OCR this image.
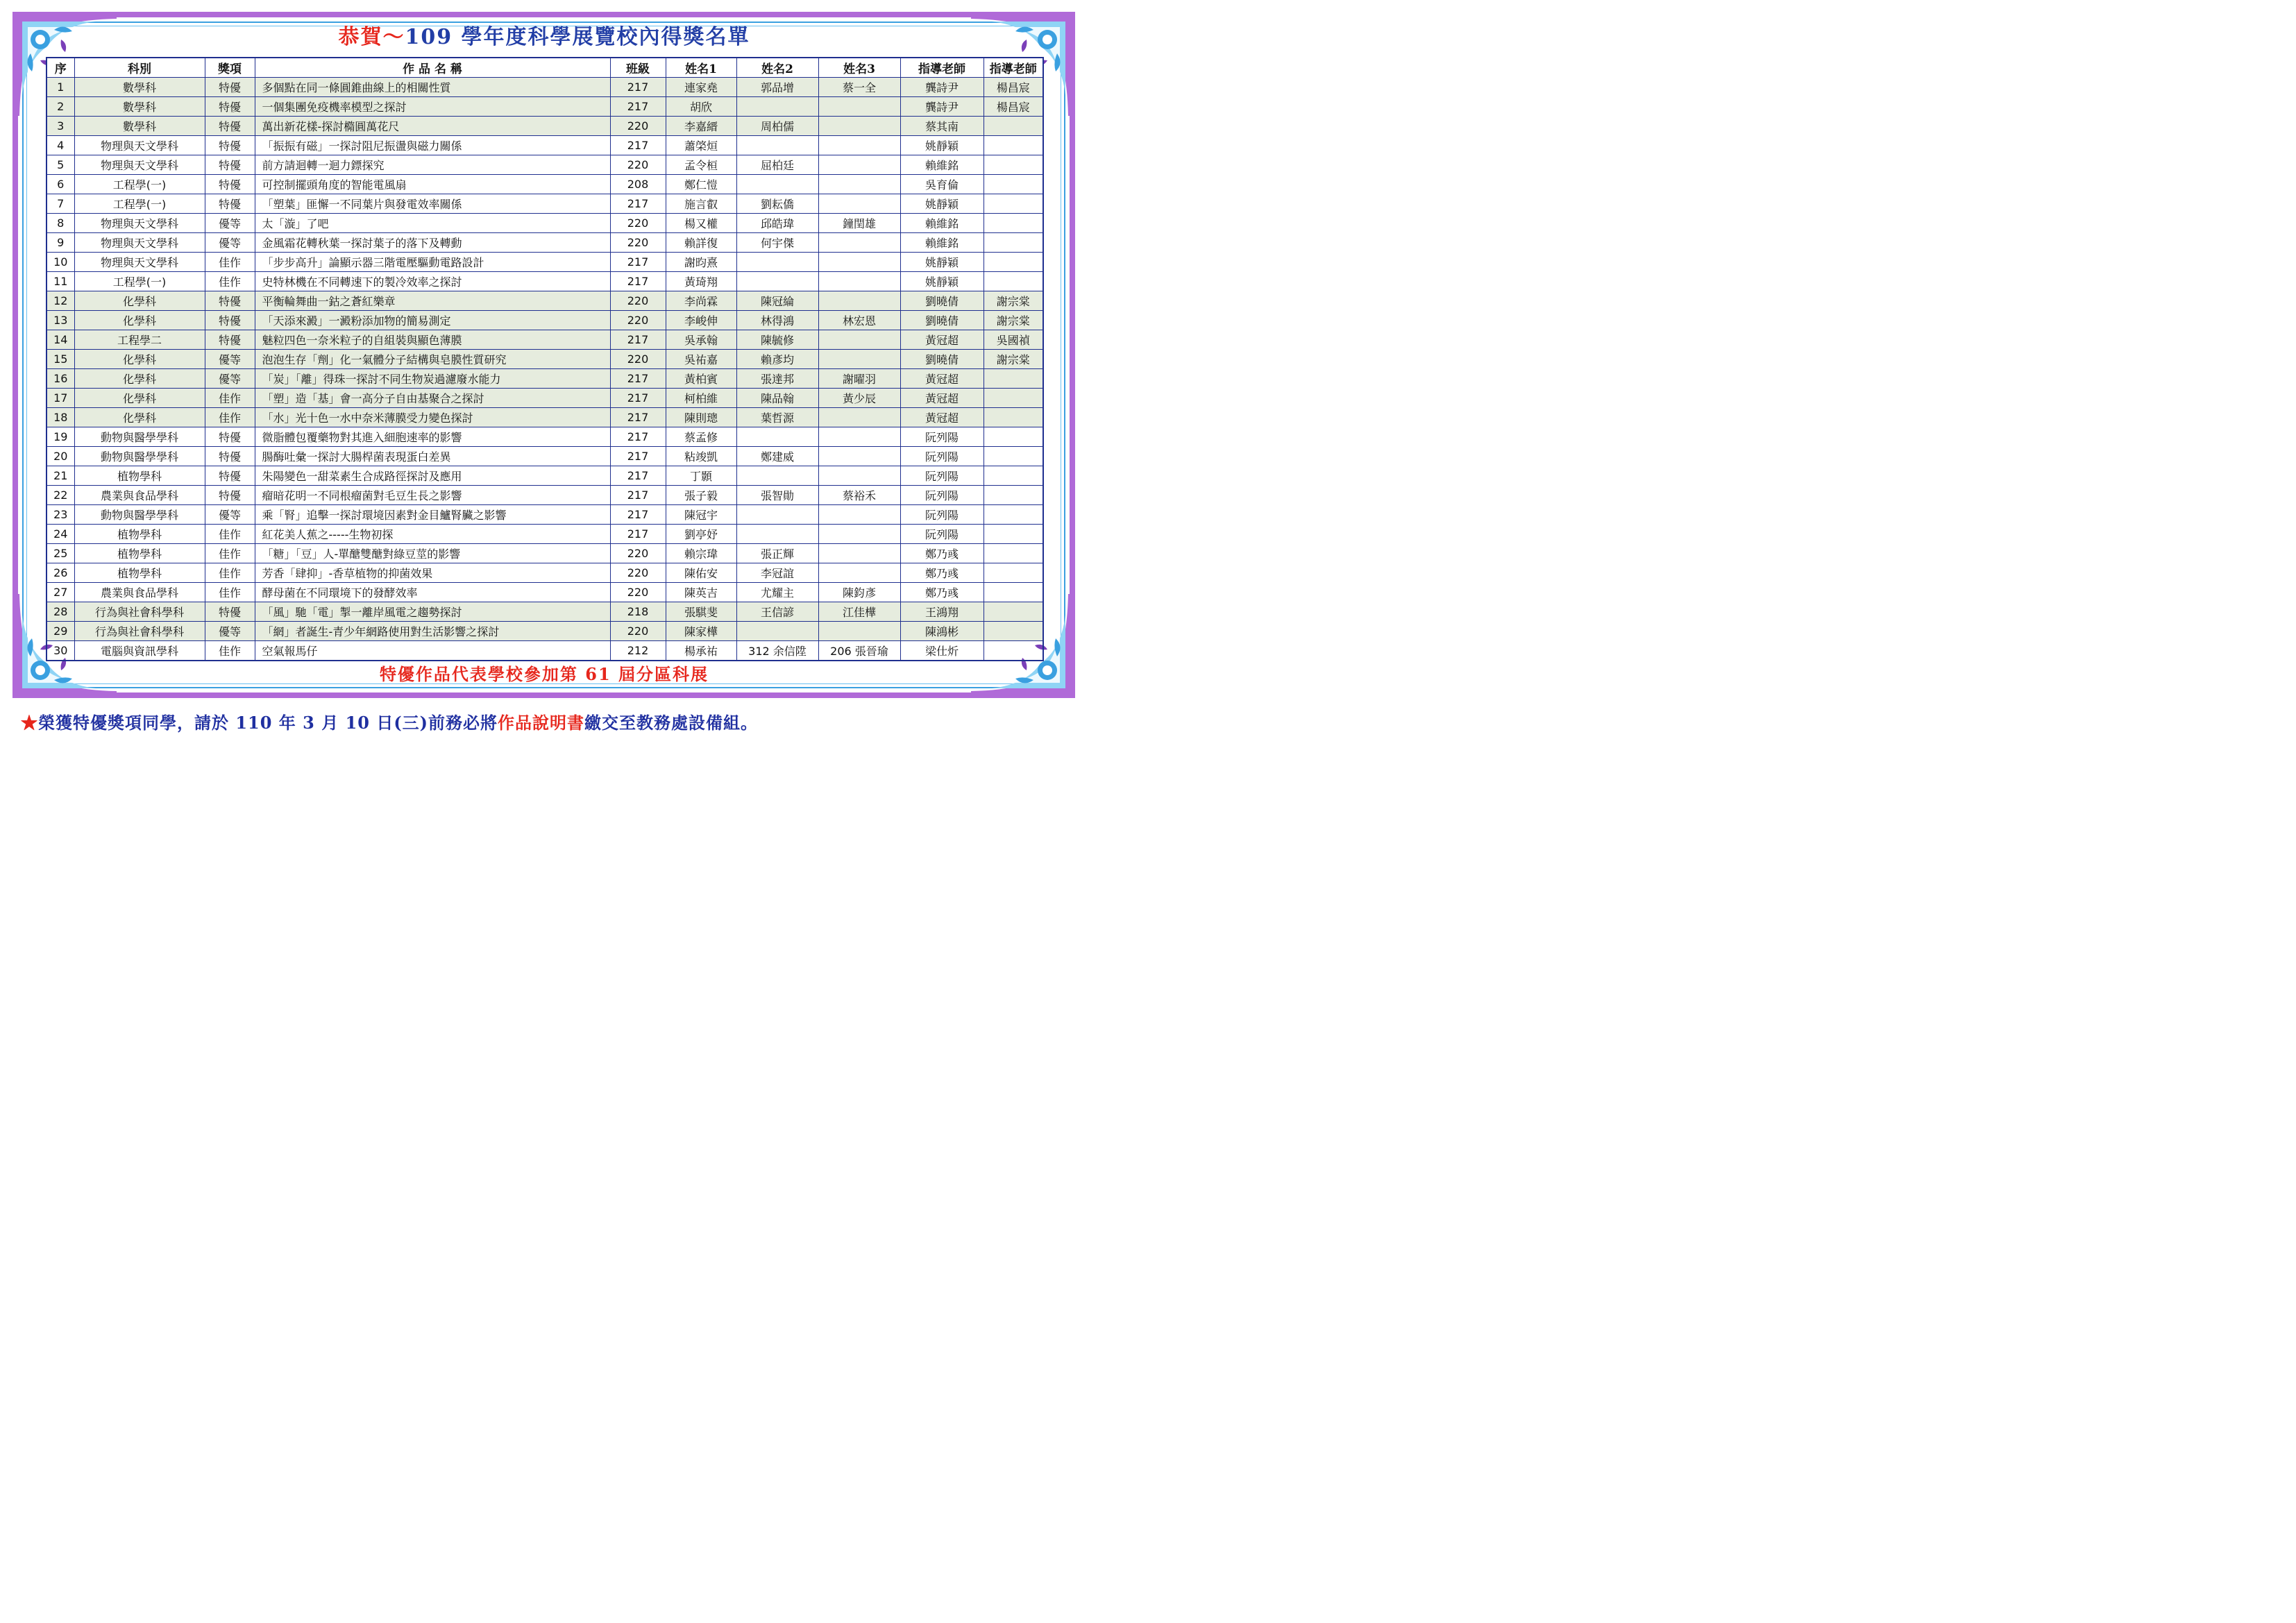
恭賀～109 學年度科學展覽校內得獎名單
序	科別	獎項	作 品 名 稱	班級	姓名1	姓名2	姓名3	指導老師	指導老師
1	數學科	特優	多個點在同一條圓錐曲線上的相關性質	217	連家堯	郭品增	蔡一全	龔詩尹	楊昌宸
2	數學科	特優	一個集團免疫機率模型之探討	217	胡欣			龔詩尹	楊昌宸
3	數學科	特優	萬出新花樣-探討橢圓萬花尺	220	李嘉縉	周柏儒		蔡其南	
4	物理與天文學科	特優	「振振有磁」一探討阻尼振盪與磁力關係	217	蕭棨烜			姚靜穎	
5	物理與天文學科	特優	前方請迴轉一迴力鏢探究	220	孟令桓	屈柏廷		賴維銘	
6	工程學(一)	特優	可控制擺頭角度的智能電風扇	208	鄭仁愷			吳育倫	
7	工程學(一)	特優	「塑葉」匪懈一不同葉片與發電效率關係	217	施言叡	劉耘僑		姚靜穎	
8	物理與天文學科	優等	太「漩」了吧	220	楊又權	邱皓瑋	鐘閏雄	賴維銘	
9	物理與天文學科	優等	金風霜花轉秋葉一探討葉子的落下及轉動	220	賴詳復	何宇傑		賴維銘	
10	物理與天文學科	佳作	「步步高升」論顯示器三階電壓驅動電路設計	217	謝昀熹			姚靜穎	
11	工程學(一)	佳作	史特林機在不同轉速下的製冷效率之探討	217	黃琦翔			姚靜穎	
12	化學科	特優	平衡輪舞曲一鈷之蒼紅樂章	220	李尚霖	陳冠綸		劉曉倩	謝宗棠
13	化學科	特優	「天添來澱」一澱粉添加物的簡易測定	220	李峻伸	林得鴻	林宏恩	劉曉倩	謝宗棠
14	工程學二	特優	魅粒四色一奈米粒子的自組裝與顯色薄膜	217	吳承翰	陳毓修		黃冠超	吳國禎
15	化學科	優等	泡泡生存「劑」化一氣體分子結構與皂膜性質研究	220	吳祐嘉	賴彥均		劉曉倩	謝宗棠
16	化學科	優等	「炭」「離」得珠一探討不同生物炭過濾廢水能力	217	黃柏賓	張達邦	謝曜羽	黃冠超	
17	化學科	佳作	「塑」造「基」會一高分子自由基聚合之探討	217	柯柏維	陳品翰	黃少辰	黃冠超	
18	化學科	佳作	「水」光十色一水中奈米薄膜受力變色探討	217	陳則璁	葉哲源		黃冠超	
19	動物與醫學學科	特優	微脂體包覆藥物對其進入細胞速率的影響	217	蔡孟修			阮列陽	
20	動物與醫學學科	特優	腸酶吐彙一探討大腸桿菌表現蛋白差異	217	粘竣凱	鄭建威		阮列陽	
21	植物學科	特優	朱陽變色一甜菜素生合成路徑探討及應用	217	丁顥			阮列陽	
22	農業與食品學科	特優	瘤暗花明一不同根瘤菌對毛豆生長之影響	217	張子毅	張智勛	蔡裕禾	阮列陽	
23	動物與醫學學科	優等	乘「腎」追擊一探討環境因素對金目鱸腎臟之影響	217	陳冠宇			阮列陽	
24	植物學科	佳作	紅花美人蕉之-----生物初探	217	劉亭妤			阮列陽	
25	植物學科	佳作	「糖」「豆」人-單醣雙醣對綠豆莖的影響	220	賴宗瑋	張正輝		鄭乃彧	
26	植物學科	佳作	芳香「肆抑」-香草植物的抑菌效果	220	陳佑安	李冠誼		鄭乃彧	
27	農業與食品學科	佳作	酵母菌在不同環境下的發酵效率	220	陳英吉	尤耀主	陳鈞彥	鄭乃彧	
28	行為與社會科學科	特優	「風」馳「電」掣一離岸風電之趨勢探討	218	張騏斐	王信諺	江佳樺	王鴻翔	
29	行為與社會科學科	優等	「網」者誕生-青少年網路使用對生活影響之探討	220	陳家樺			陳鴻彬	
30	電腦與資訊學科	佳作	空氣報馬仔	212	楊承祐	312 余信陞	206 張晉瑜	梁仕炘	
特優作品代表學校參加第 61 屆分區科展
★榮獲特優獎項同學，請於 110 年 3 月 10 日(三)前務必將作品說明書繳交至教務處設備組。
